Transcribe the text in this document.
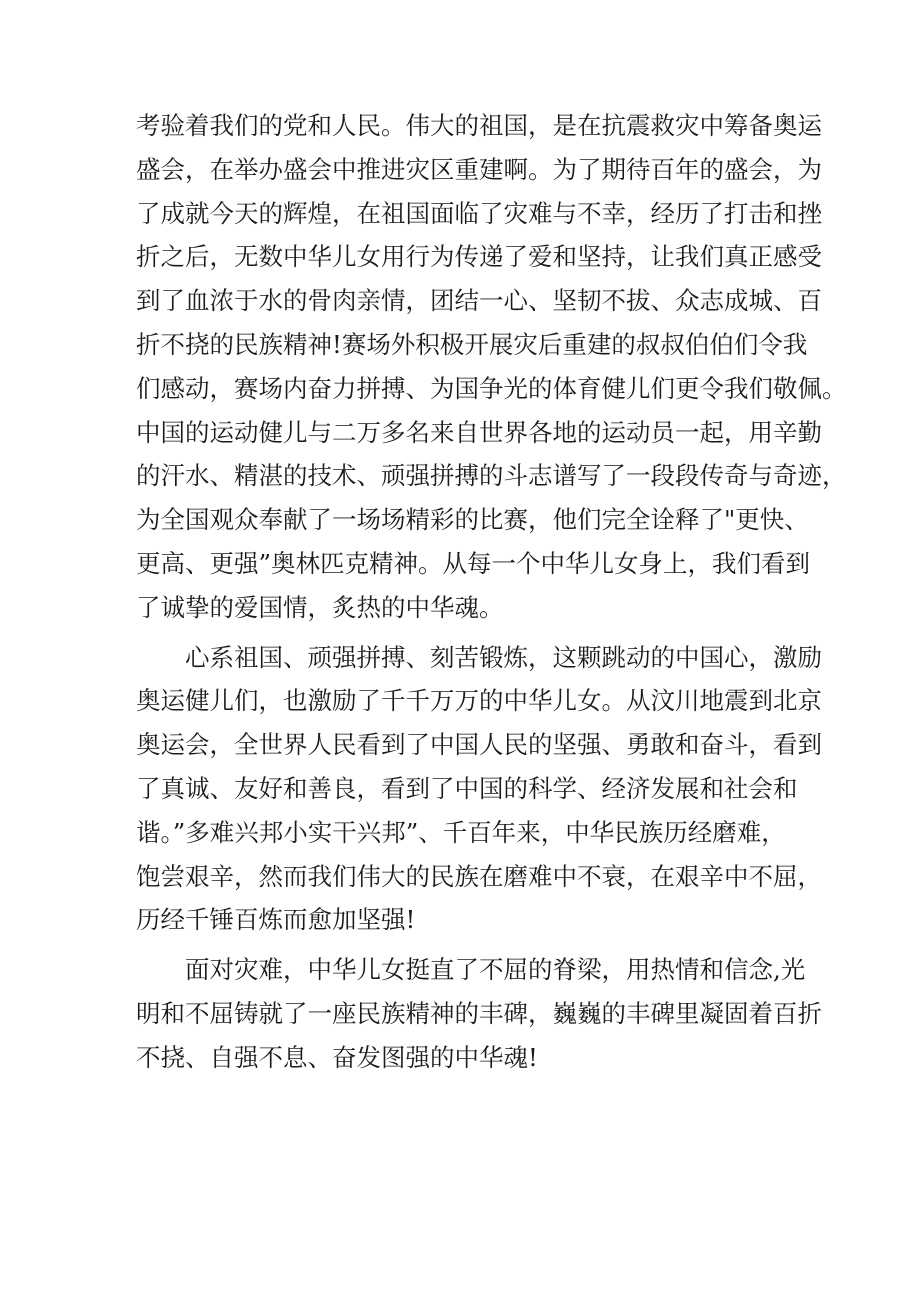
考验着我们的党和人民。伟大的祖国，是在抗震救灾中筹备奥运
盛会，在举办盛会中推进灾区重建啊。为了期待百年的盛会，为
了成就今天的辉煌，在祖国面临了灾难与不幸，经历了打击和挫
折之后，无数中华儿女用行为传递了爱和坚持，让我们真正感受
到了血浓于水的骨肉亲情，团结一心、坚韧不拔、众志成城、百
折不挠的民族精神!赛场外积极开展灾后重建的叔叔伯伯们令我
们感动，赛场内奋力拼搏、为国争光的体育健儿们更令我们敬佩。
中国的运动健儿与二万多名来自世界各地的运动员一起，用辛勤
的汗水、精湛的技术、顽强拼搏的斗志谱写了一段段传奇与奇迹，
为全国观众奉献了一场场精彩的比赛，他们完全诠释了"更快、
更高、更强”奥林匹克精神。从每一个中华儿女身上，我们看到
了诚挚的爱国情，炙热的中华魂。

心系祖国、顽强拼搏、刻苦锻炼，这颗跳动的中国心，激励
奥运健儿们，也激励了千千万万的中华儿女。从汶川地震到北京
奥运会，全世界人民看到了中国人民的坚强、勇敢和奋斗，看到
了真诚、友好和善良，看到了中国的科学、经济发展和社会和
谐。”多难兴邦小实干兴邦”、千百年来，中华民族历经磨难，
饱尝艰辛，然而我们伟大的民族在磨难中不衰，在艰辛中不屈，
历经千锤百炼而愈加坚强!

面对灾难，中华儿女挺直了不屈的脊梁，用热情和信念,光
明和不屈铸就了一座民族精神的丰碑，巍巍的丰碑里凝固着百折
不挠、自强不息、奋发图强的中华魂!
